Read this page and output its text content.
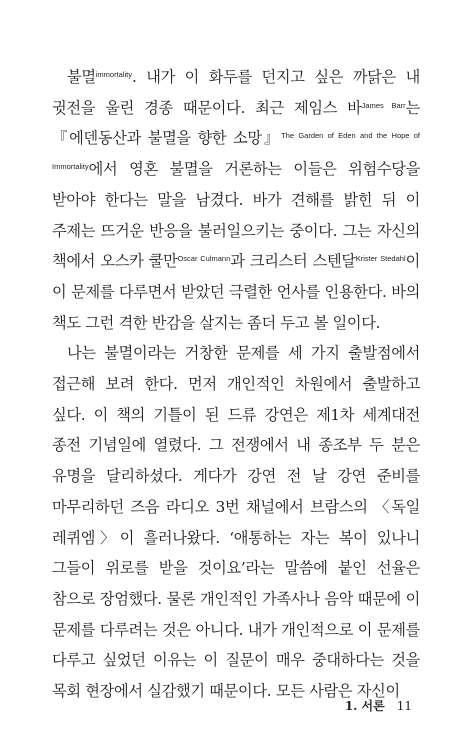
불멸$^{immortality}$. 내가 이 화두를 던지고 싶은 까닭은 내 귓전을 울린 경종 때문이다. 최근 제임스 바$^{James Barr}$는 『에덴동산과 불멸을 향한 소망』$^{The Garden of Eden and the Hope of Immortality}$에서 영혼 불멸을 거론하는 이들은 위험수당을 받아야 한다는 말을 남겼다. 바가 견해를 밝힌 뒤 이 주제는 뜨거운 반응을 불러일으키는 중이다. 그는 자신의 책에서 오스카 쿨만$^{Oscar Culmann}$과 크리스터 스텐달$^{Krister Stedahl}$이 이 문제를 다루면서 받았던 극렬한 언사를 인용한다. 바의 책도 그런 격한 반감을 살지는 좀더 두고 볼 일이다.

나는 불멸이라는 거창한 문제를 세 가지 출발점에서 접근해 보려 한다. 먼저 개인적인 차원에서 출발하고 싶다. 이 책의 기틀이 된 드류 강연은 제1차 세계대전 종전 기념일에 열렸다. 그 전쟁에서 내 종조부 두 분은 유명을 달리하셨다. 게다가 강연 전 날 강연 준비를 마무리하던 즈음 라디오 3번 채널에서 브람스의 〈독일 레퀴엠〉이 흘러나왔다. ‘애통하는 자는 복이 있나니 그들이 위로를 받을 것이요’라는 말씀에 붙인 선율은 참으로 장엄했다. 물론 개인적인 가족사나 음악 때문에 이 문제를 다루려는 것은 아니다. 내가 개인적으로 이 문제를 다루고 싶었던 이유는 이 질문이 매우 중대하다는 것을 목회 현장에서 실감했기 때문이다. 모든 사람은 자신이

1. 서론 11
